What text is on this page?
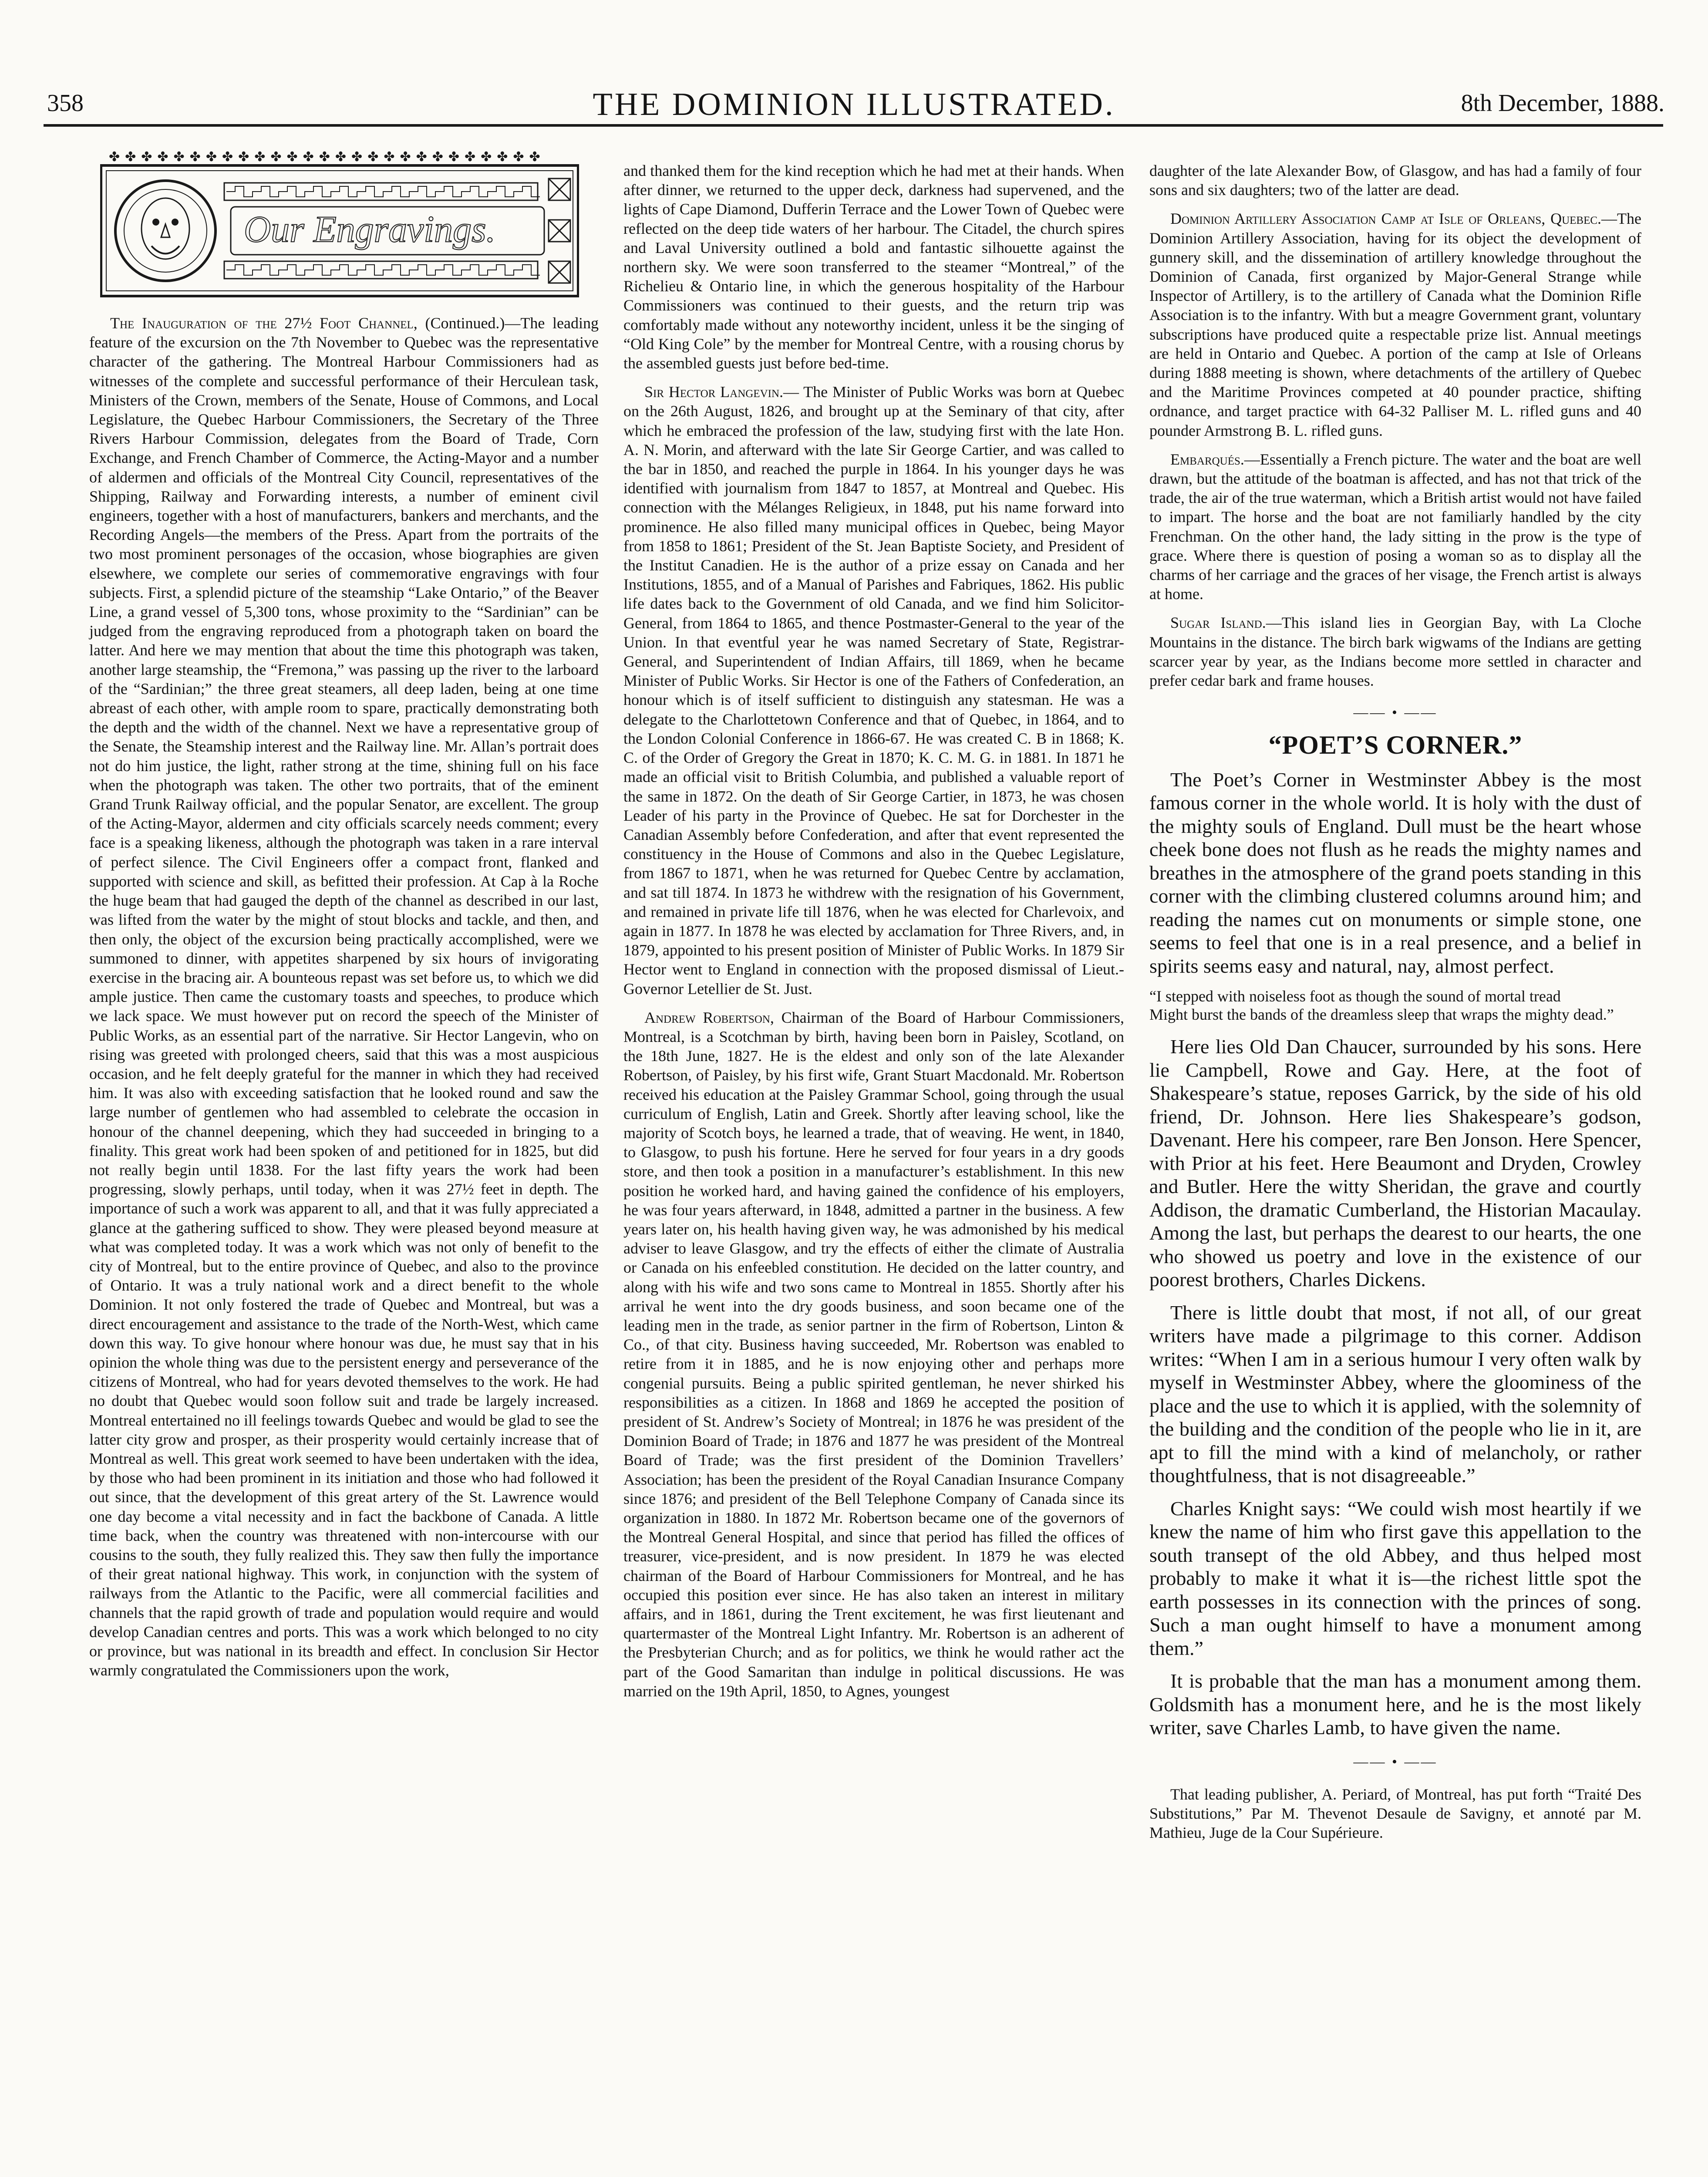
358	THE DOMINION ILLUSTRATED.	8th December, 1888.
✤✤✤✤✤✤✤✤✤✤✤✤✤✤✤✤✤✤✤✤✤✤✤✤✤✤✤
Our Engravings.

The Inauguration of the 27½ Foot Channel, (Continued.)—The leading feature of the excursion on the 7th November to Quebec was the representative character of the gathering. The Montreal Harbour Commissioners had as witnesses of the complete and successful performance of their Herculean task, Ministers of the Crown, members of the Senate, House of Commons, and Local Legislature, the Quebec Harbour Commissioners, the Secretary of the Three Rivers Harbour Commission, delegates from the Board of Trade, Corn Exchange, and French Chamber of Commerce, the Acting-Mayor and a number of aldermen and officials of the Montreal City Council, representatives of the Shipping, Railway and Forwarding interests, a number of eminent civil engineers, together with a host of manufacturers, bankers and merchants, and the Recording Angels—the members of the Press. Apart from the portraits of the two most prominent personages of the occasion, whose biographies are given elsewhere, we complete our series of commemorative engravings with four subjects. First, a splendid picture of the steamship “Lake Ontario,” of the Beaver Line, a grand vessel of 5,300 tons, whose proximity to the “Sardinian” can be judged from the engraving reproduced from a photograph taken on board the latter. And here we may mention that about the time this photograph was taken, another large steamship, the “Fremona,” was passing up the river to the larboard of the “Sardinian;” the three great steamers, all deep laden, being at one time abreast of each other, with ample room to spare, practically demonstrating both the depth and the width of the channel. Next we have a representative group of the Senate, the Steamship interest and the Railway line. Mr. Allan’s portrait does not do him justice, the light, rather strong at the time, shining full on his face when the photograph was taken. The other two portraits, that of the eminent Grand Trunk Railway official, and the popular Senator, are excellent. The group of the Acting-Mayor, aldermen and city officials scarcely needs comment; every face is a speaking likeness, although the photograph was taken in a rare interval of perfect silence. The Civil Engineers offer a compact front, flanked and supported with science and skill, as befitted their profession. At Cap à la Roche the huge beam that had gauged the depth of the channel as described in our last, was lifted from the water by the might of stout blocks and tackle, and then, and then only, the object of the excursion being practically accomplished, were we summoned to dinner, with appetites sharpened by six hours of invigorating exercise in the bracing air. A bounteous repast was set before us, to which we did ample justice. Then came the customary toasts and speeches, to produce which we lack space. We must however put on record the speech of the Minister of Public Works, as an essential part of the narrative. Sir Hector Langevin, who on rising was greeted with prolonged cheers, said that this was a most auspicious occasion, and he felt deeply grateful for the manner in which they had received him. It was also with exceeding satisfaction that he looked round and saw the large number of gentlemen who had assembled to celebrate the occasion in honour of the channel deepening, which they had succeeded in bringing to a finality. This great work had been spoken of and petitioned for in 1825, but did not really begin until 1838. For the last fifty years the work had been progressing, slowly perhaps, until today, when it was 27½ feet in depth. The importance of such a work was apparent to all, and that it was fully appreciated a glance at the gathering sufficed to show. They were pleased beyond measure at what was completed today. It was a work which was not only of benefit to the city of Montreal, but to the entire province of Quebec, and also to the province of Ontario. It was a truly national work and a direct benefit to the whole Dominion. It not only fostered the trade of Quebec and Montreal, but was a direct encouragement and assistance to the trade of the North-West, which came down this way. To give honour where honour was due, he must say that in his opinion the whole thing was due to the persistent energy and perseverance of the citizens of Montreal, who had for years devoted themselves to the work. He had no doubt that Quebec would soon follow suit and trade be largely increased. Montreal entertained no ill feelings towards Quebec and would be glad to see the latter city grow and prosper, as their prosperity would certainly increase that of Montreal as well. This great work seemed to have been undertaken with the idea, by those who had been prominent in its initiation and those who had followed it out since, that the development of this great artery of the St. Lawrence would one day become a vital necessity and in fact the backbone of Canada. A little time back, when the country was threatened with non-intercourse with our cousins to the south, they fully realized this. They saw then fully the importance of their great national highway. This work, in conjunction with the system of railways from the Atlantic to the Pacific, were all commercial facilities and channels that the rapid growth of trade and population would require and would develop Canadian centres and ports. This was a work which belonged to no city or province, but was national in its breadth and effect. In conclusion Sir Hector warmly congratulated the Commissioners upon the work,

and thanked them for the kind reception which he had met at their hands. When after dinner, we returned to the upper deck, darkness had supervened, and the lights of Cape Diamond, Dufferin Terrace and the Lower Town of Quebec were reflected on the deep tide waters of her harbour. The Citadel, the church spires and Laval University outlined a bold and fantastic silhouette against the northern sky. We were soon transferred to the steamer “Montreal,” of the Richelieu & Ontario line, in which the generous hospitality of the Harbour Commissioners was continued to their guests, and the return trip was comfortably made without any noteworthy incident, unless it be the singing of “Old King Cole” by the member for Montreal Centre, with a rousing chorus by the assembled guests just before bed-time.

Sir Hector Langevin.— The Minister of Public Works was born at Quebec on the 26th August, 1826, and brought up at the Seminary of that city, after which he embraced the profession of the law, studying first with the late Hon. A. N. Morin, and afterward with the late Sir George Cartier, and was called to the bar in 1850, and reached the purple in 1864. In his younger days he was identified with journalism from 1847 to 1857, at Montreal and Quebec. His connection with the Mélanges Religieux, in 1848, put his name forward into prominence. He also filled many municipal offices in Quebec, being Mayor from 1858 to 1861; President of the St. Jean Baptiste Society, and President of the Institut Canadien. He is the author of a prize essay on Canada and her Institutions, 1855, and of a Manual of Parishes and Fabriques, 1862. His public life dates back to the Government of old Canada, and we find him Solicitor-General, from 1864 to 1865, and thence Postmaster-General to the year of the Union. In that eventful year he was named Secretary of State, Registrar-General, and Superintendent of Indian Affairs, till 1869, when he became Minister of Public Works. Sir Hector is one of the Fathers of Confederation, an honour which is of itself sufficient to distinguish any statesman. He was a delegate to the Charlottetown Conference and that of Quebec, in 1864, and to the London Colonial Conference in 1866-67. He was created C. B in 1868; K. C. of the Order of Gregory the Great in 1870; K. C. M. G. in 1881. In 1871 he made an official visit to British Columbia, and published a valuable report of the same in 1872. On the death of Sir George Cartier, in 1873, he was chosen Leader of his party in the Province of Quebec. He sat for Dorchester in the Canadian Assembly before Confederation, and after that event represented the constituency in the House of Commons and also in the Quebec Legislature, from 1867 to 1871, when he was returned for Quebec Centre by acclamation, and sat till 1874. In 1873 he withdrew with the resignation of his Government, and remained in private life till 1876, when he was elected for Charlevoix, and again in 1877. In 1878 he was elected by acclamation for Three Rivers, and, in 1879, appointed to his present position of Minister of Public Works. In 1879 Sir Hector went to England in connection with the proposed dismissal of Lieut.-Governor Letellier de St. Just.

Andrew Robertson, Chairman of the Board of Harbour Commissioners, Montreal, is a Scotchman by birth, having been born in Paisley, Scotland, on the 18th June, 1827. He is the eldest and only son of the late Alexander Robertson, of Paisley, by his first wife, Grant Stuart Macdonald. Mr. Robertson received his education at the Paisley Grammar School, going through the usual curriculum of English, Latin and Greek. Shortly after leaving school, like the majority of Scotch boys, he learned a trade, that of weaving. He went, in 1840, to Glasgow, to push his fortune. Here he served for four years in a dry goods store, and then took a position in a manufacturer’s establishment. In this new position he worked hard, and having gained the confidence of his employers, he was four years afterward, in 1848, admitted a partner in the business. A few years later on, his health having given way, he was admonished by his medical adviser to leave Glasgow, and try the effects of either the climate of Australia or Canada on his enfeebled constitution. He decided on the latter country, and along with his wife and two sons came to Montreal in 1855. Shortly after his arrival he went into the dry goods business, and soon became one of the leading men in the trade, as senior partner in the firm of Robertson, Linton & Co., of that city. Business having succeeded, Mr. Robertson was enabled to retire from it in 1885, and he is now enjoying other and perhaps more congenial pursuits. Being a public spirited gentleman, he never shirked his responsibilities as a citizen. In 1868 and 1869 he accepted the position of president of St. Andrew’s Society of Montreal; in 1876 he was president of the Dominion Board of Trade; in 1876 and 1877 he was president of the Montreal Board of Trade; was the first president of the Dominion Travellers’ Association; has been the president of the Royal Canadian Insurance Company since 1876; and president of the Bell Telephone Company of Canada since its organization in 1880. In 1872 Mr. Robertson became one of the governors of the Montreal General Hospital, and since that period has filled the offices of treasurer, vice-president, and is now president. In 1879 he was elected chairman of the Board of Harbour Commissioners for Montreal, and he has occupied this position ever since. He has also taken an interest in military affairs, and in 1861, during the Trent excitement, he was first lieutenant and quartermaster of the Montreal Light Infantry. Mr. Robertson is an adherent of the Presbyterian Church; and as for politics, we think he would rather act the part of the Good Samaritan than indulge in political discussions. He was married on the 19th April, 1850, to Agnes, youngest

daughter of the late Alexander Bow, of Glasgow, and has had a family of four sons and six daughters; two of the latter are dead.

Dominion Artillery Association Camp at Isle of Orleans, Quebec.—The Dominion Artillery Association, having for its object the development of gunnery skill, and the dissemination of artillery knowledge throughout the Dominion of Canada, first organized by Major-General Strange while Inspector of Artillery, is to the artillery of Canada what the Dominion Rifle Association is to the infantry. With but a meagre Government grant, voluntary subscriptions have produced quite a respectable prize list. Annual meetings are held in Ontario and Quebec. A portion of the camp at Isle of Orleans during 1888 meeting is shown, where detachments of the artillery of Quebec and the Maritime Provinces competed at 40 pounder practice, shifting ordnance, and target practice with 64-32 Palliser M. L. rifled guns and 40 pounder Armstrong B. L. rifled guns.

Embarqués.—Essentially a French picture. The water and the boat are well drawn, but the attitude of the boatman is affected, and has not that trick of the trade, the air of the true waterman, which a British artist would not have failed to impart. The horse and the boat are not familiarly handled by the city Frenchman. On the other hand, the lady sitting in the prow is the type of grace. Where there is question of posing a woman so as to display all the charms of her carriage and the graces of her visage, the French artist is always at home.

Sugar Island.—This island lies in Georgian Bay, with La Cloche Mountains in the distance. The birch bark wigwams of the Indians are getting scarcer year by year, as the Indians become more settled in character and prefer cedar bark and frame houses.

—— • ——
“POET’S CORNER.”

The Poet’s Corner in Westminster Abbey is the most famous corner in the whole world. It is holy with the dust of the mighty souls of England. Dull must be the heart whose cheek bone does not flush as he reads the mighty names and breathes in the atmosphere of the grand poets standing in this corner with the climbing clustered columns around him; and reading the names cut on monuments or simple stone, one seems to feel that one is in a real presence, and a belief in spirits seems easy and natural, nay, almost perfect.

“I stepped with noiseless foot as though the sound of mortal tread
Might burst the bands of the dreamless sleep that wraps the mighty dead.”

Here lies Old Dan Chaucer, surrounded by his sons. Here lie Campbell, Rowe and Gay. Here, at the foot of Shakespeare’s statue, reposes Garrick, by the side of his old friend, Dr. Johnson. Here lies Shakespeare’s godson, Davenant. Here his compeer, rare Ben Jonson. Here Spencer, with Prior at his feet. Here Beaumont and Dryden, Crowley and Butler. Here the witty Sheridan, the grave and courtly Addison, the dramatic Cumberland, the Historian Macaulay. Among the last, but perhaps the dearest to our hearts, the one who showed us poetry and love in the existence of our poorest brothers, Charles Dickens.

There is little doubt that most, if not all, of our great writers have made a pilgrimage to this corner. Addison writes: “When I am in a serious humour I very often walk by myself in Westminster Abbey, where the gloominess of the place and the use to which it is applied, with the solemnity of the building and the condition of the people who lie in it, are apt to fill the mind with a kind of melancholy, or rather thoughtfulness, that is not disagreeable.”

Charles Knight says: “We could wish most heartily if we knew the name of him who first gave this appellation to the south transept of the old Abbey, and thus helped most probably to make it what it is—the richest little spot the earth possesses in its connection with the princes of song. Such a man ought himself to have a monument among them.”

It is probable that the man has a monument among them. Goldsmith has a monument here, and he is the most likely writer, save Charles Lamb, to have given the name.

—— • ——

That leading publisher, A. Periard, of Montreal, has put forth “Traité Des Substitutions,” Par M. Thevenot Desaule de Savigny, et annoté par M. Mathieu, Juge de la Cour Supérieure.
